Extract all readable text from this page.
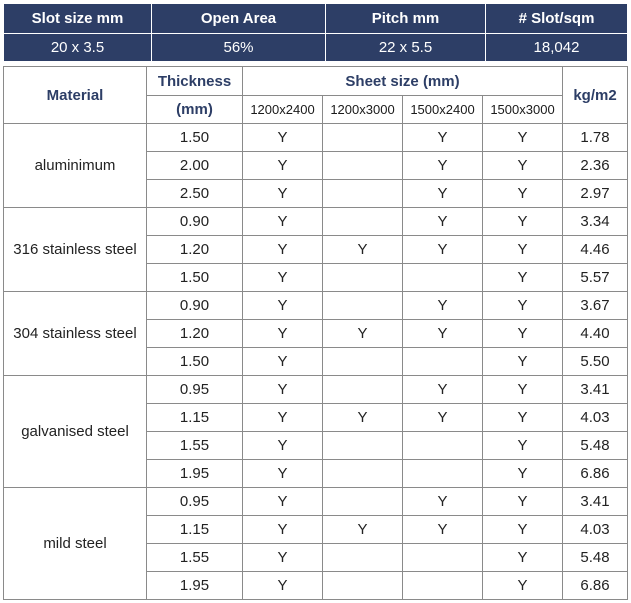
Slot size mm	Open Area	Pitch mm	# Slot/sqm
20 x 3.5	56%	22 x 5.5	18,042
Material	Thickness	Sheet size (mm)				kg/m2
	(mm)	1200x2400	1200x3000	1500x2400	1500x3000	
aluminimum	1.50	Y		Y	Y	1.78
	2.00	Y		Y	Y	2.36
	2.50	Y		Y	Y	2.97
316 stainless steel	0.90	Y		Y	Y	3.34
	1.20	Y	Y	Y	Y	4.46
	1.50	Y			Y	5.57
304 stainless steel	0.90	Y		Y	Y	3.67
	1.20	Y	Y	Y	Y	4.40
	1.50	Y			Y	5.50
galvanised steel	0.95	Y		Y	Y	3.41
	1.15	Y	Y	Y	Y	4.03
	1.55	Y			Y	5.48
	1.95	Y			Y	6.86
mild steel	0.95	Y		Y	Y	3.41
	1.15	Y	Y	Y	Y	4.03
	1.55	Y			Y	5.48
	1.95	Y			Y	6.86
